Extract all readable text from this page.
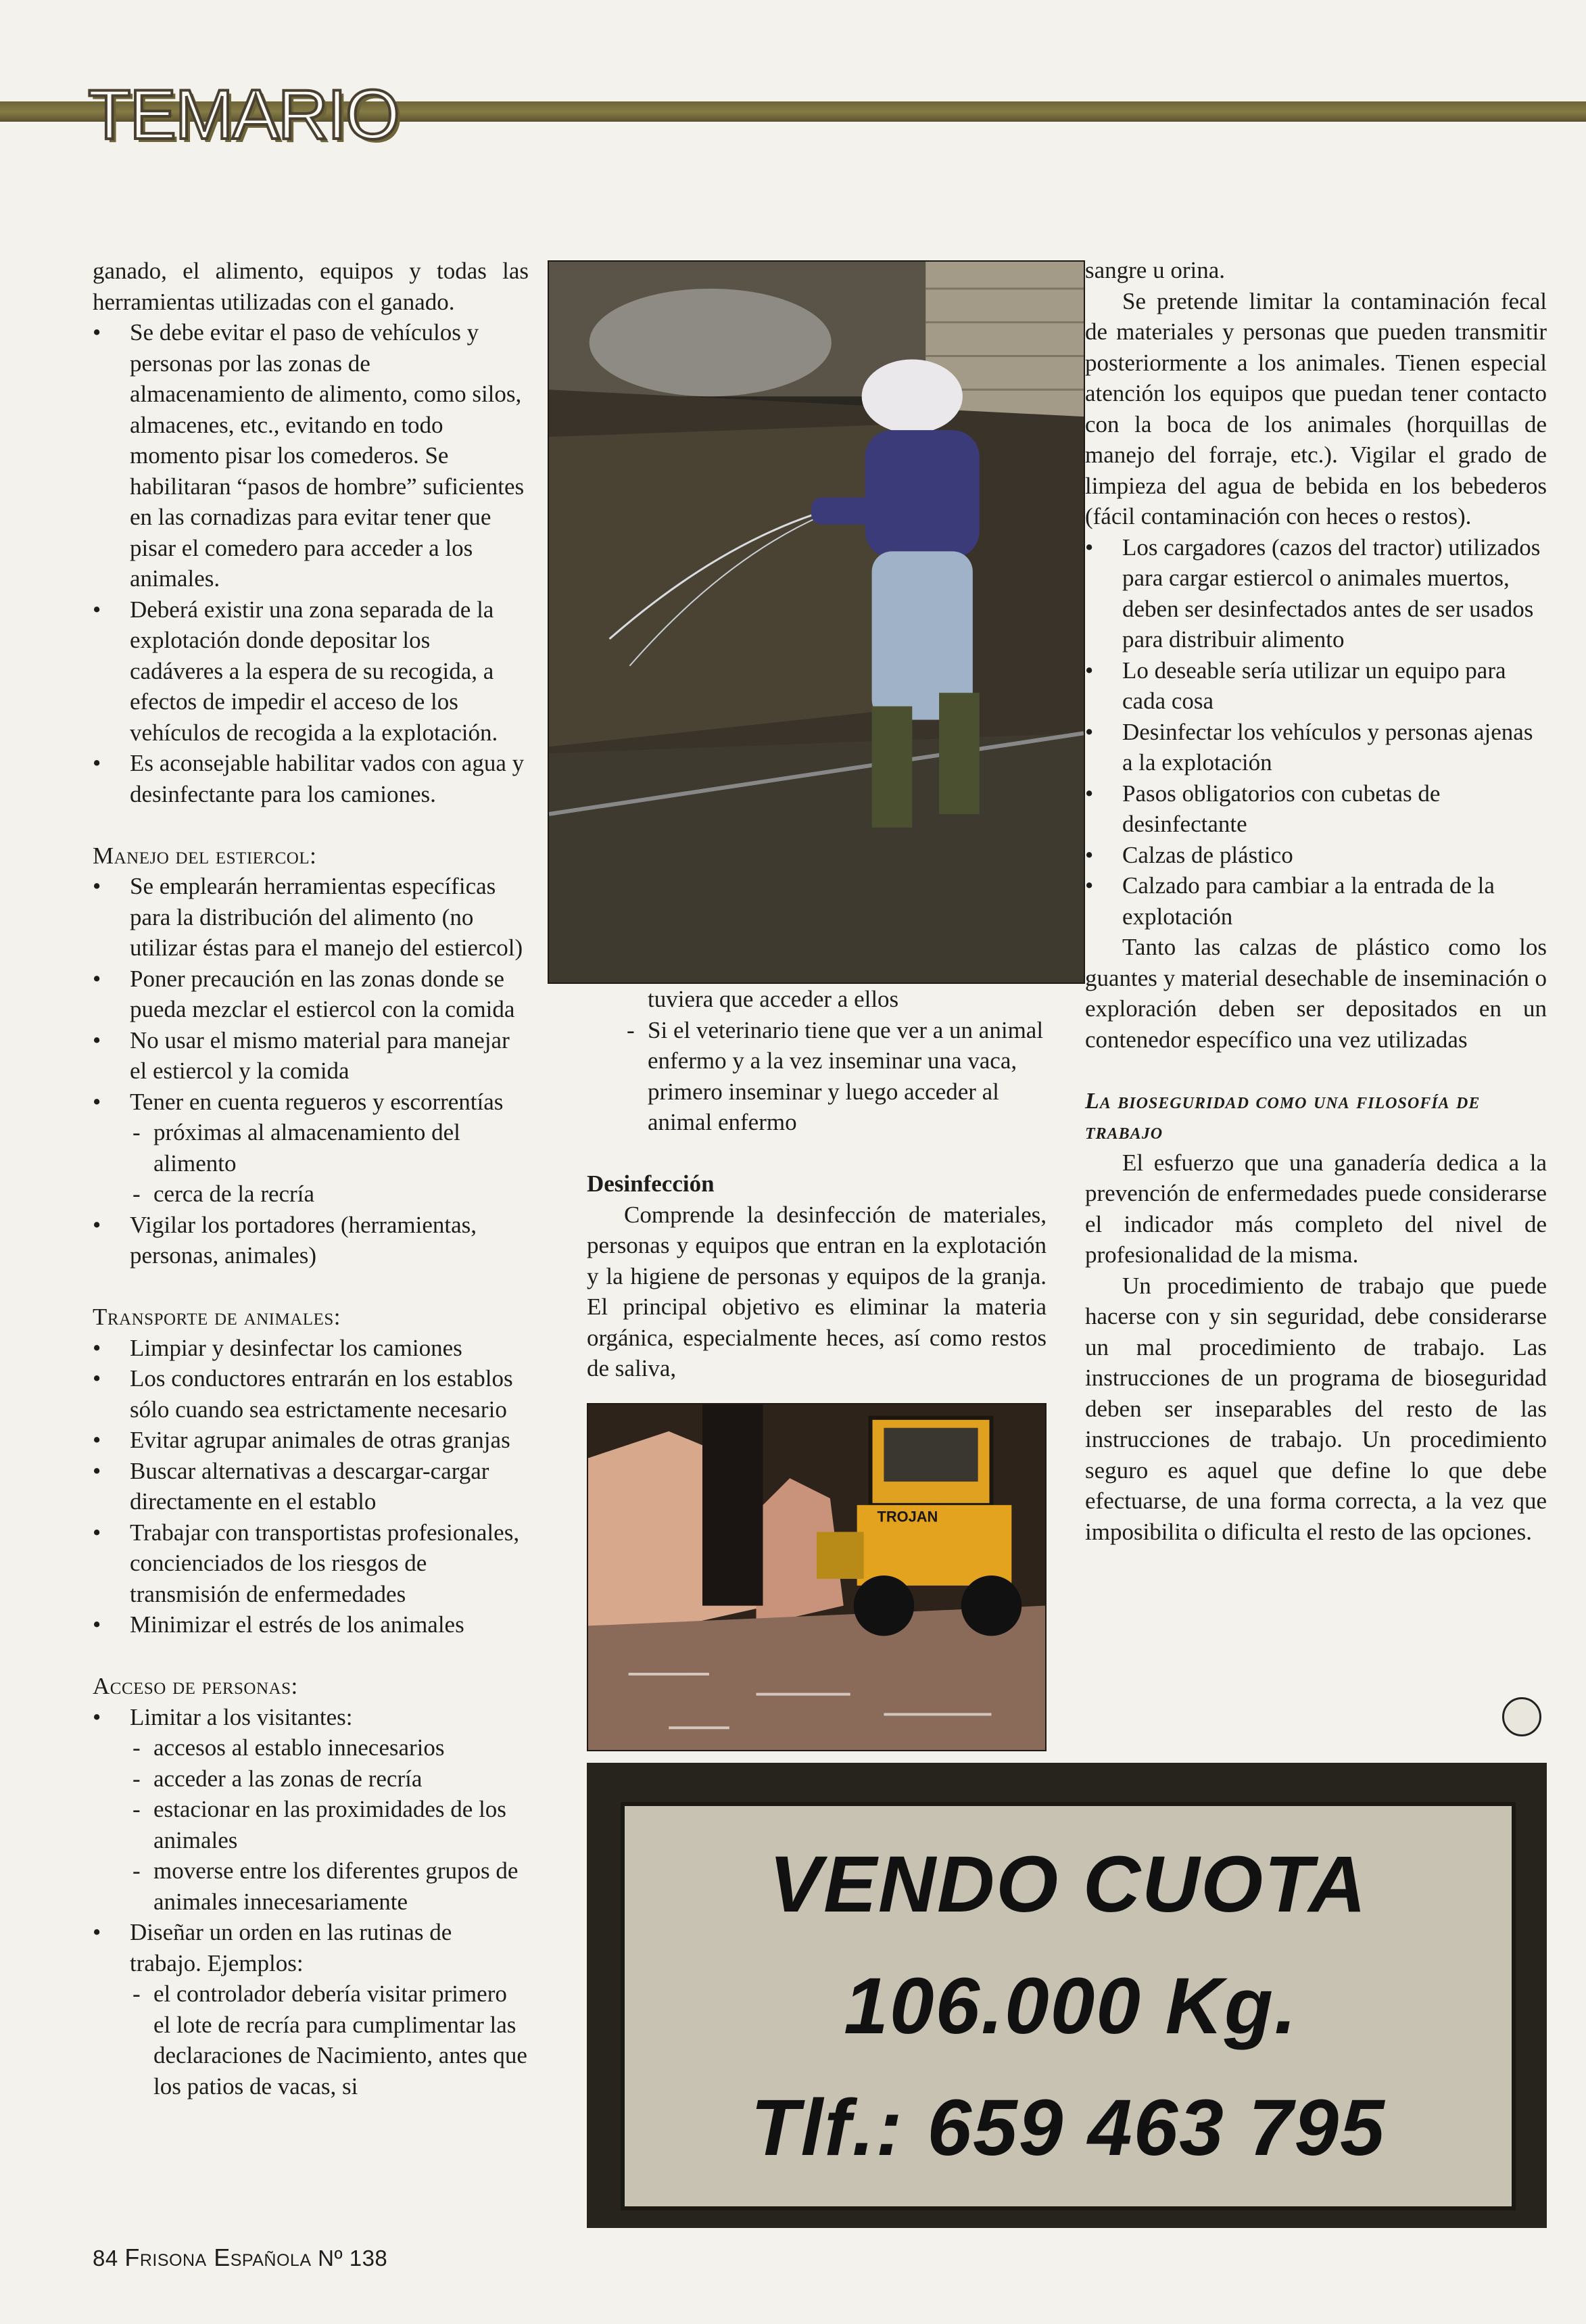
TEMARIO

ganado, el alimento, equipos y todas las herramientas utilizadas con el ganado.

• Se debe evitar el paso de vehículos y personas por las zonas de almacenamiento de alimento, como silos, almacenes, etc., evitando en todo momento pisar los comederos. Se habilitaran “pasos de hombre” suficientes en las cornadizas para evitar tener que pisar el comedero para acceder a los animales.
• Deberá existir una zona separada de la explotación donde depositar los cadáveres a la espera de su recogida, a efectos de impedir el acceso de los vehículos de recogida a la explotación.
• Es aconsejable habilitar vados con agua y desinfectante para los camiones.
Manejo del estiercol:
• Se emplearán herramientas específicas para la distribución del alimento (no utilizar éstas para el manejo del estiercol)
• Poner precaución en las zonas donde se pueda mezclar el estiercol con la comida
• No usar el mismo material para manejar el estiercol y la comida
• Tener en cuenta regueros y escorrentías
- próximas al almacenamiento del alimento
- cerca de la recría
• Vigilar los portadores (herramientas, personas, animales)
Transporte de animales:
• Limpiar y desinfectar los camiones
• Los conductores entrarán en los establos sólo cuando sea estrictamente necesario
• Evitar agrupar animales de otras granjas
• Buscar alternativas a descargar-cargar directamente en el establo
• Trabajar con transportistas profesionales, concienciados de los riesgos de transmisión de enfermedades
• Minimizar el estrés de los animales
Acceso de personas:
• Limitar a los visitantes:
- accesos al establo innecesarios
- acceder a las zonas de recría
- estacionar en las proximidades de los animales
- moverse entre los diferentes grupos de animales innecesariamente
• Diseñar un orden en las rutinas de trabajo. Ejemplos:
- el controlador debería visitar primero el lote de recría para cumplimentar las declaraciones de Nacimiento, antes que los patios de vacas, si

tuviera que acceder a ellos

- Si el veterinario tiene que ver a un animal enfermo y a la vez inseminar una vaca, primero inseminar y luego acceder al animal enfermo
Desinfección

Comprende la desinfección de materiales, personas y equipos que entran en la explotación y la higiene de personas y equipos de la granja. El principal objetivo es eliminar la materia orgánica, especialmente heces, así como restos de saliva,

TROJAN

sangre u orina.

Se pretende limitar la contaminación fecal de materiales y personas que pueden transmitir posteriormente a los animales. Tienen especial atención los equipos que puedan tener contacto con la boca de los animales (horquillas de manejo del forraje, etc.). Vigilar el grado de limpieza del agua de bebida en los bebederos (fácil contaminación con heces o restos).

• Los cargadores (cazos del tractor) utilizados para cargar estiercol o animales muertos, deben ser desinfectados antes de ser usados para distribuir alimento
• Lo deseable sería utilizar un equipo para cada cosa
• Desinfectar los vehículos y personas ajenas a la explotación
• Pasos obligatorios con cubetas de desinfectante
• Calzas de plástico
• Calzado para cambiar a la entrada de la explotación

Tanto las calzas de plástico como los guantes y material desechable de inseminación o exploración deben ser depositados en un contenedor específico una vez utilizadas

La bioseguridad como una filosofía de trabajo

El esfuerzo que una ganadería dedica a la prevención de enfermedades puede considerarse el indicador más completo del nivel de profesionalidad de la misma.

Un procedimiento de trabajo que puede hacerse con y sin seguridad, debe considerarse un mal procedimiento de trabajo. Las instrucciones de un programa de bioseguridad deben ser inseparables del resto de las instrucciones de trabajo. Un procedimiento seguro es aquel que define lo que debe efectuarse, de una forma correcta, a la vez que imposibilita o dificulta el resto de las opciones.

VENDO CUOTA
106.000 Kg.
Tlf.: 659 463 795
84 Frisona Española Nº 138
